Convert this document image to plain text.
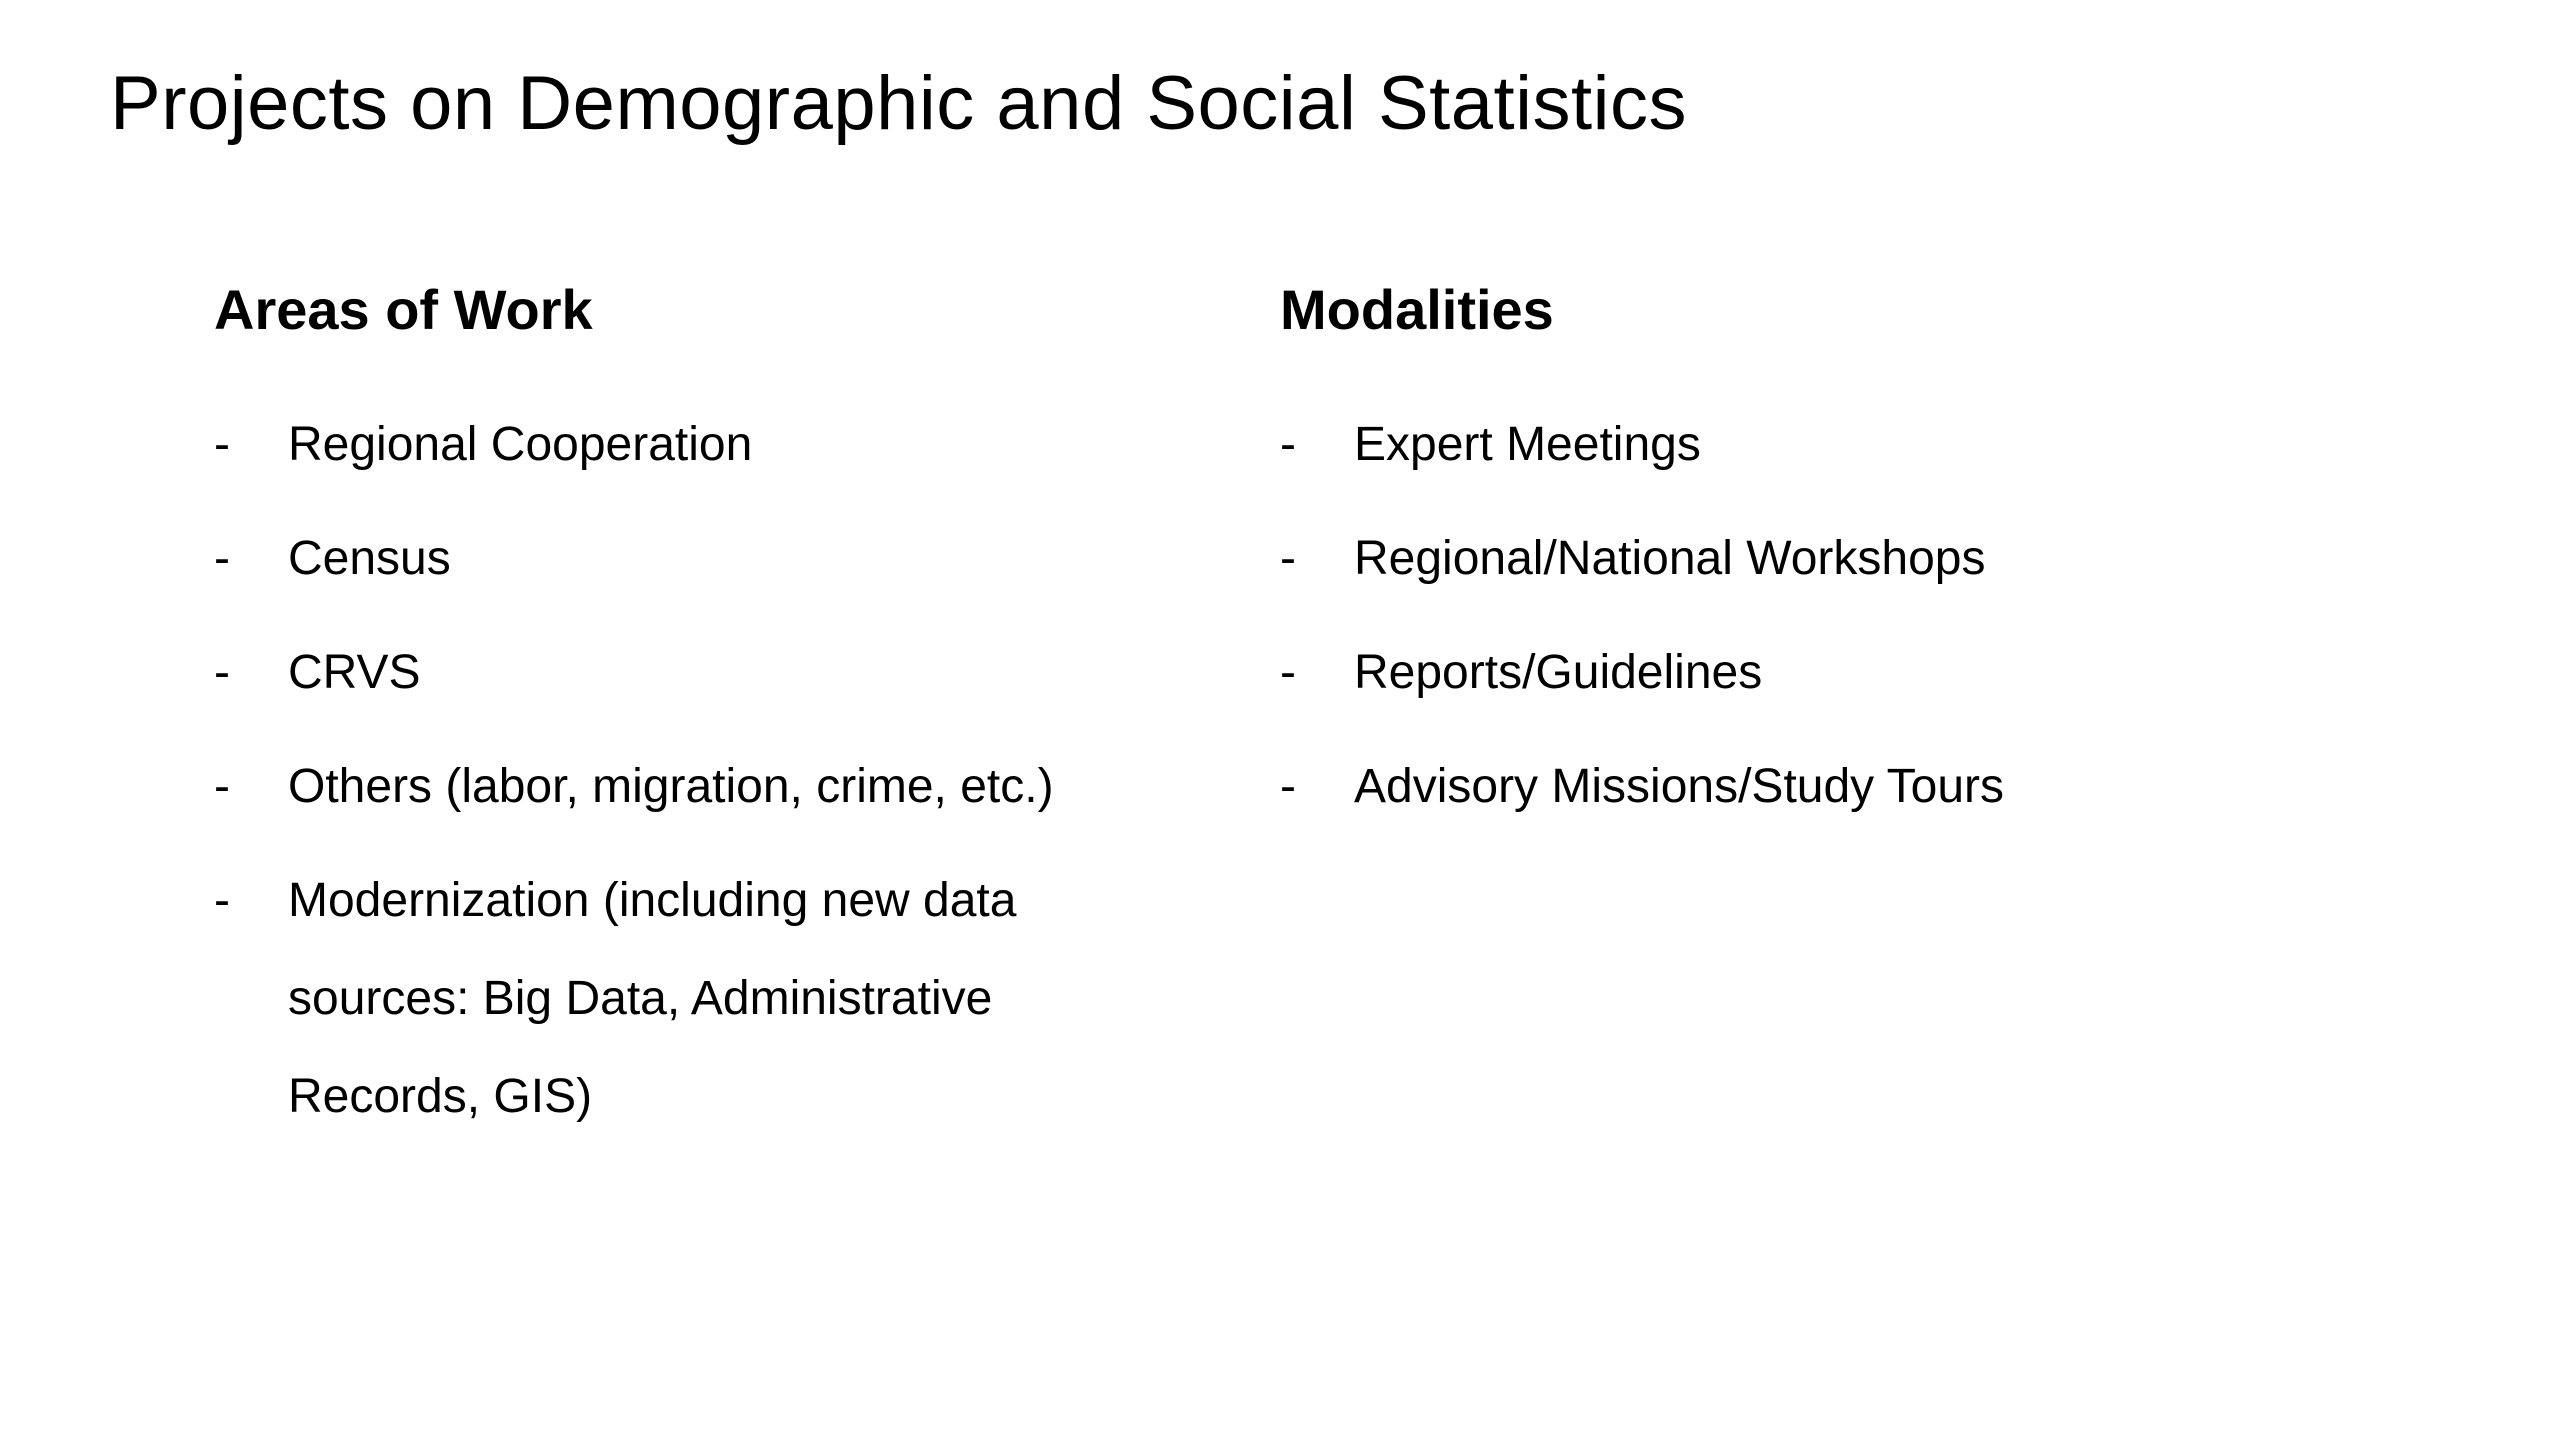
Projects on Demographic and Social Statistics
Areas of Work
-	Regional Cooperation
-	Census
-	CRVS
-	Others (labor, migration, crime, etc.)
-	Modernization (including new data sources: Big Data, Administrative Records, GIS)
Modalities
-	Expert Meetings
-	Regional/National Workshops
-	Reports/Guidelines
-	Advisory Missions/Study Tours
